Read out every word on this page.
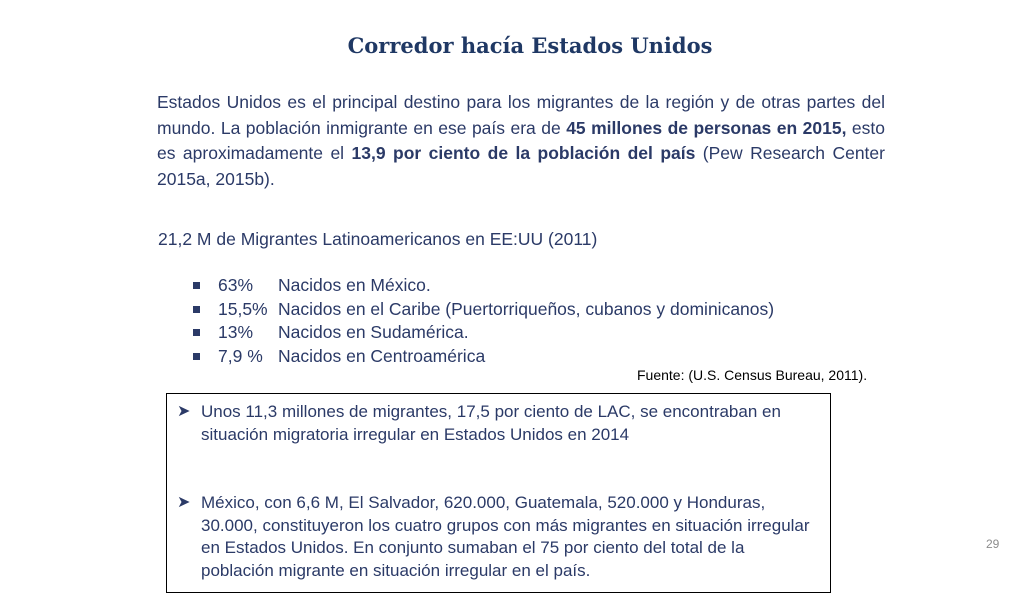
Corredor hacía Estados Unidos
Estados Unidos es el principal destino para los migrantes de la región y de otras partes del mundo. La población inmigrante en ese país era de 45 millones de personas en 2015, esto es aproximadamente el 13,9 por ciento de la población del país (Pew Research Center 2015a, 2015b).
21,2 M de Migrantes Latinoamericanos en EE:UU (2011)
63% Nacidos en México.
15,5% Nacidos en el Caribe (Puertorriqueños, cubanos y dominicanos)
13% Nacidos en Sudamérica.
7,9 % Nacidos en Centroamérica
Fuente: (U.S. Census Bureau, 2011).
➤ Unos 11,3 millones de migrantes, 17,5 por ciento de LAC, se encontraban en situación migratoria irregular en Estados Unidos en 2014
➤ México, con 6,6 M, El Salvador, 620.000, Guatemala, 520.000 y Honduras, 30.000, constituyeron los cuatro grupos con más migrantes en situación irregular en Estados Unidos. En conjunto sumaban el 75 por ciento del total de la población migrante en situación irregular en el país.
29
